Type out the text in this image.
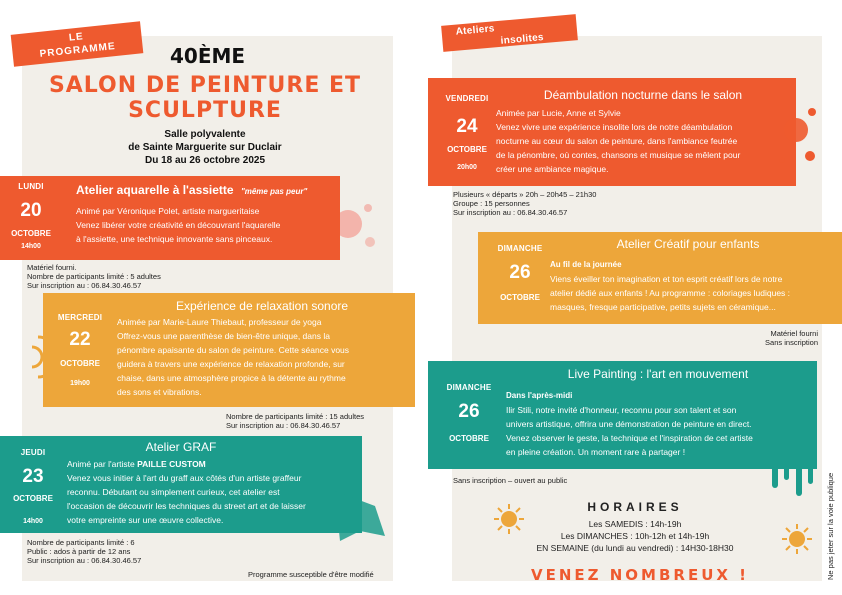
LE
PROGRAMME	40ÈME
SALON DE PEINTURE ET
SCULPTURE
Salle polyvalente
de Sainte Marguerite sur Duclair
Du 18 au 26 octobre 2025
LUNDI
20
OCTOBRE
14h00
Atelier aquarelle à l'assiette "même pas peur"
Animé par Véronique Polet, artiste margueritaise
Venez libérer votre créativité en découvrant l'aquarelle
à l'assiette, une technique innovante sans pinceaux.
Matériel fourni.
Nombre de participants limité : 5 adultes
Sur inscription au : 06.84.30.46.57
MERCREDI
22
OCTOBRE
19h00
Expérience de relaxation sonore
Animée par Marie-Laure Thiebaut, professeur de yoga
Offrez-vous une parenthèse de bien-être unique, dans la
pénombre apaisante du salon de peinture. Cette séance vous
guidera à travers une expérience de relaxation profonde, sur
chaise, dans une atmosphère propice à la détente au rythme
des sons et vibrations.
Nombre de participants limité : 15 adultes
Sur inscription au : 06.84.30.46.57
JEUDI
23
OCTOBRE
14h00
Atelier GRAF
Animé par l'artiste PAILLE CUSTOM
Venez vous initier à l'art du graff aux côtés d'un artiste graffeur
reconnu. Débutant ou simplement curieux, cet atelier est
l'occasion de découvrir les techniques du street art et de laisser
votre empreinte sur une œuvre collective.
Nombre de participants limité : 6
Public : ados à partir de 12 ans
Sur inscription au : 06.84.30.46.57
Programme susceptible d'être modifié
Ateliers
insolites
VENDREDI
24
OCTOBRE
20h00
Déambulation nocturne dans le salon
Animée par Lucie, Anne et Sylvie
Venez vivre une expérience insolite lors de notre déambulation
nocturne au cœur du salon de peinture, dans l'ambiance feutrée
de la pénombre, où contes, chansons et musique se mêlent pour
créer une ambiance magique.
Plusieurs « départs » 20h – 20h45 – 21h30
Groupe : 15 personnes
Sur inscription au : 06.84.30.46.57
DIMANCHE
26
OCTOBRE
Atelier Créatif pour enfants
Au fil de la journée
Viens éveiller ton imagination et ton esprit créatif lors de notre
atelier dédié aux enfants ! Au programme : coloriages ludiques :
masques, fresque participative, petits sujets en céramique...
Matériel fourni
Sans inscription
DIMANCHE
26
OCTOBRE
Live Painting : l'art en mouvement
Dans l'après-midi
Ilir Stili, notre invité d'honneur, reconnu pour son talent et son
univers artistique, offrira une démonstration de peinture en direct.
Venez observer le geste, la technique et l'inspiration de cet artiste
en pleine création. Un moment rare à partager !
Sans inscription – ouvert au public
HORAIRES
Les SAMEDIS : 14h-19h
Les DIMANCHES : 10h-12h et 14h-19h
EN SEMAINE (du lundi au vendredi) : 14H30-18H30
VENEZ NOMBREUX !	Ne pas jeter sur la voie publique
